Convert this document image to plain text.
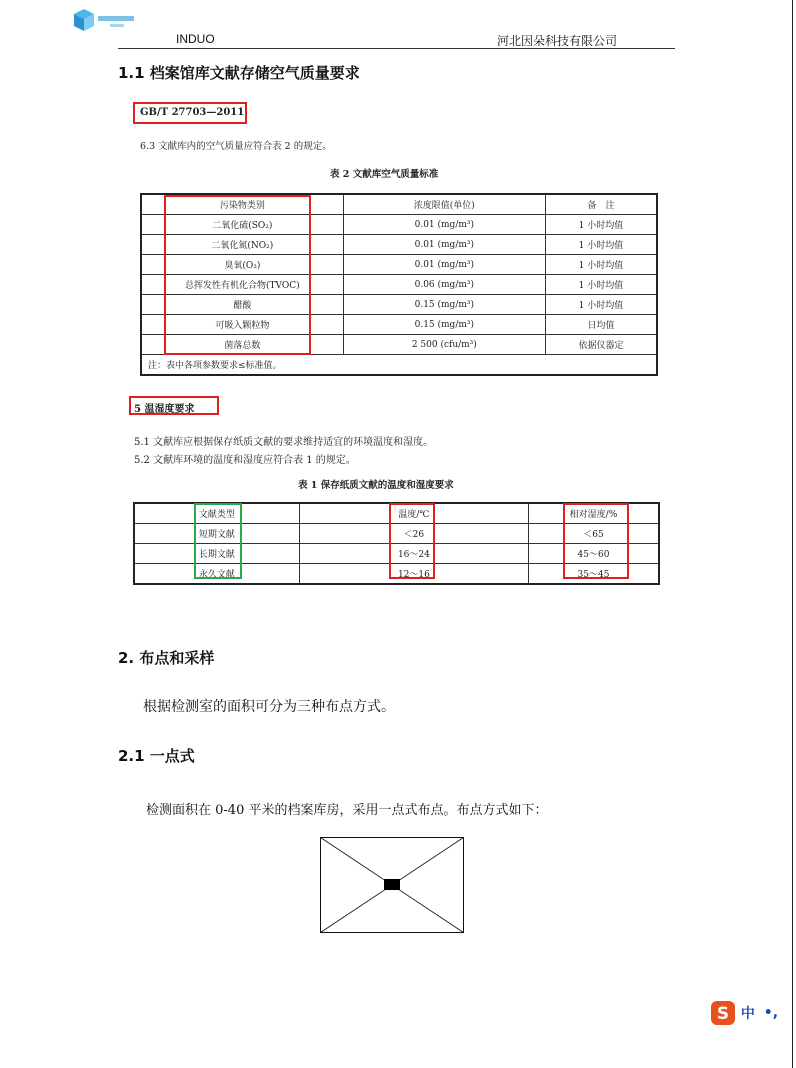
INDUO	河北因朵科技有限公司
1.1 档案馆库文献存储空气质量要求
GB/T 27703—2011
6.3 文献库内的空气质量应符合表 2 的规定。
表 2 文献库空气质量标准
污染物类别	浓度限值(单位)	备　注
二氧化硫(SO₂)	0.01 (mg/m³)	1 小时均值
二氧化氮(NO₂)	0.01 (mg/m³)	1 小时均值
臭氧(O₃)	0.01 (mg/m³)	1 小时均值
总挥发性有机化合物(TVOC)	0.06 (mg/m³)	1 小时均值
醋酸	0.15 (mg/m³)	1 小时均值
可吸入颗粒物	0.15 (mg/m³)	日均值
菌落总数	2 500 (cfu/m³)	依据仪器定
注：表中各项参数要求≤标准值。		
5 温湿度要求
5.1 文献库应根据保存纸质文献的要求维持适宜的环境温度和湿度。
5.2 文献库环境的温度和湿度应符合表 1 的规定。
表 1 保存纸质文献的温度和湿度要求
文献类型	温度/℃	相对湿度/%
短期文献	＜26	＜65
长期文献	16～24	45～60
永久文献	12～16	35～45
2. 布点和采样
根据检测室的面积可分为三种布点方式。
2.1 一点式
检测面积在 0-40 平米的档案库房，采用一点式布点。布点方式如下：
S 中 •,
